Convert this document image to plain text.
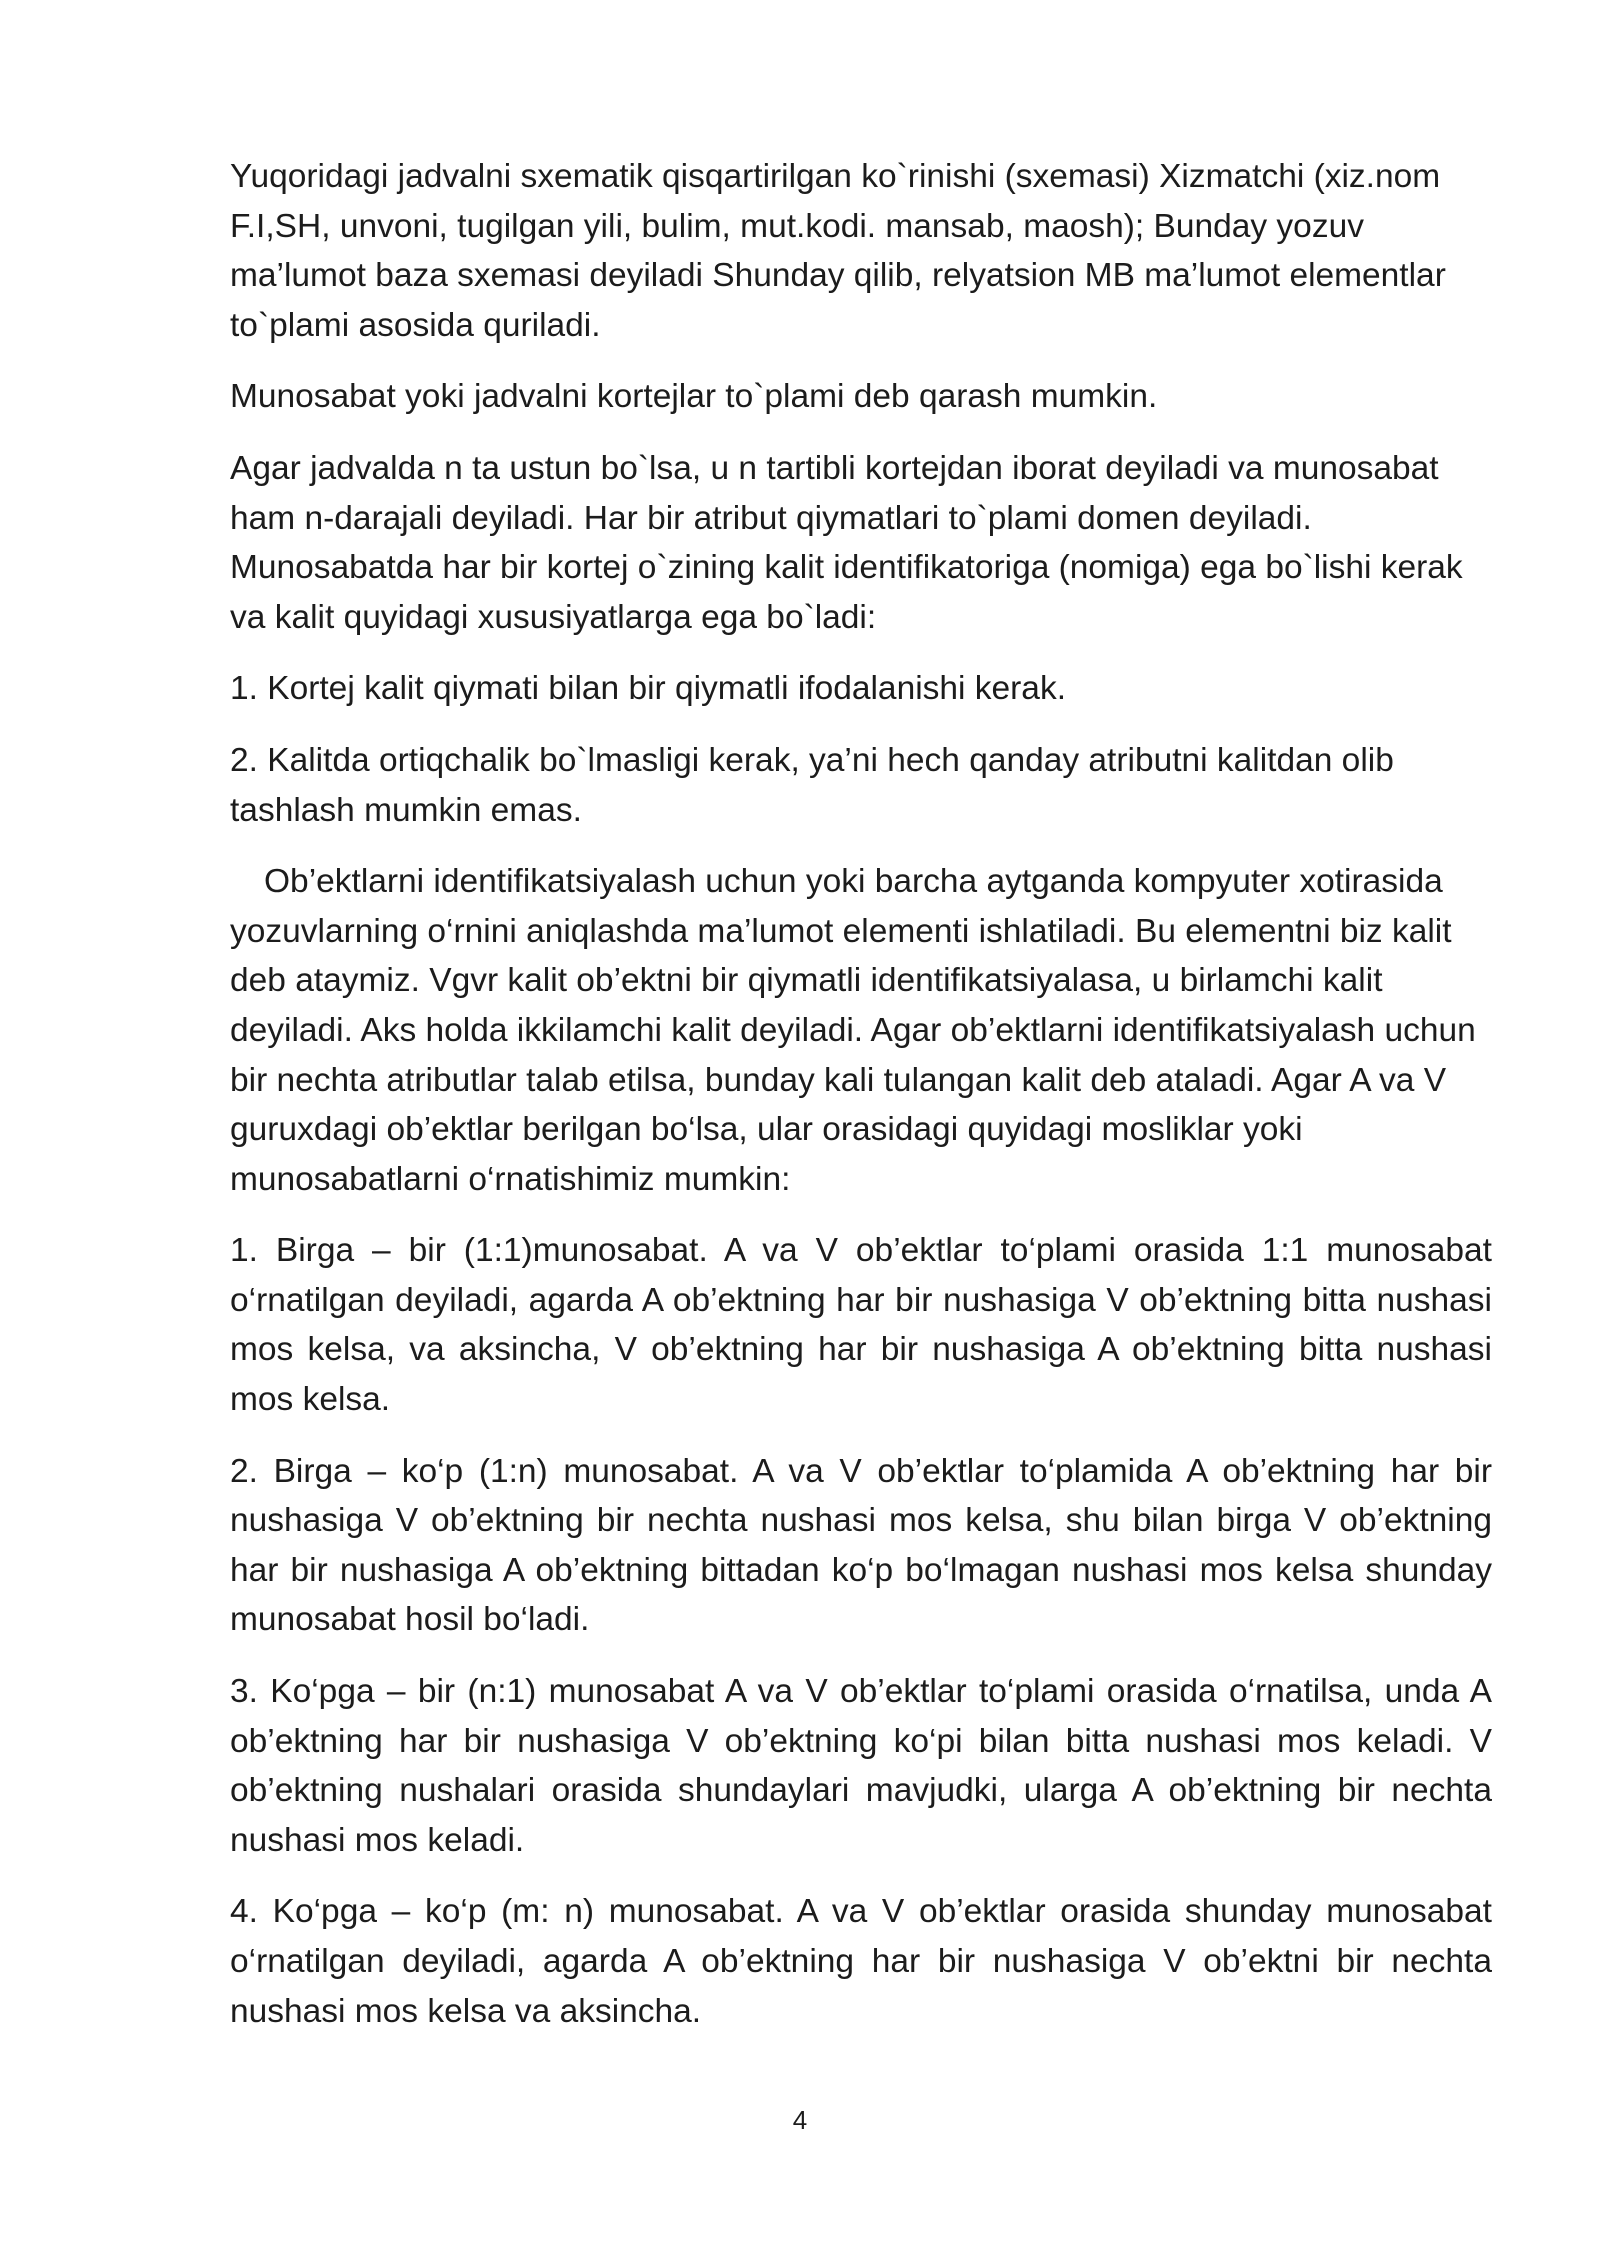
Yuqoridagi jadvalni sxematik qisqartirilgan ko`rinishi (sxemasi) Xizmatchi (xiz.nom F.I,SH, unvoni, tugilgan yili, bulim, mut.kodi. mansab, maosh); Bunday yozuv ma’lumot baza sxemasi deyiladi Shunday qilib, relyatsion MB ma’lumot elementlar to`plami asosida quriladi.

Munosabat yoki jadvalni kortejlar to`plami deb qarash mumkin.

Agar jadvalda n ta ustun bo`lsa, u n tartibli kortejdan iborat deyiladi va munosabat ham n-darajali deyiladi. Har bir atribut qiymatlari to`plami domen deyiladi. Munosabatda har bir kortej o`zining kalit identifikatoriga (nomiga) ega bo`lishi kerak va kalit quyidagi xususiyatlarga ega bo`ladi:

1. Kortej kalit qiymati bilan bir qiymatli ifodalanishi kerak.

2. Kalitda ortiqchalik bo`lmasligi kerak, ya’ni hech qanday atributni kalitdan olib tashlash mumkin emas.

Ob’ektlarni identifikatsiyalash uchun yoki barcha aytganda kompyuter xotirasida yozuvlarning o‘rnini aniqlashda ma’lumot elementi ishlatiladi. Bu elementni biz kalit deb ataymiz. Vgvr kalit ob’ektni bir qiymatli identifikatsiyalasa, u birlamchi kalit deyiladi. Aks holda ikkilamchi kalit deyiladi. Agar ob’ektlarni identifikatsiyalash uchun bir nechta atributlar talab etilsa, bunday kali tulangan kalit deb ataladi. Agar A va V guruxdagi ob’ektlar berilgan bo‘lsa, ular orasidagi quyidagi mosliklar yoki munosabatlarni o‘rnatishimiz mumkin:

1. Birga – bir (1:1)munosabat. A va V ob’ektlar to‘plami orasida 1:1 munosabat o‘rnatilgan deyiladi, agarda A ob’ektning har bir nushasiga V ob’ektning bitta nushasi mos kelsa, va aksincha, V ob’ektning har bir nushasiga A ob’ektning bitta nushasi mos kelsa.

2. Birga – ko‘p (1:n) munosabat. A va V ob’ektlar to‘plamida A ob’ektning har bir nushasiga V ob’ektning bir nechta nushasi mos kelsa, shu bilan birga V ob’ektning har bir nushasiga A ob’ektning bittadan ko‘p bo‘lmagan nushasi mos kelsa shunday munosabat hosil bo‘ladi.

3. Ko‘pga – bir (n:1) munosabat A va V ob’ektlar to‘plami orasida o‘rnatilsa, unda A ob’ektning har bir nushasiga V ob’ektning ko‘pi bilan bitta nushasi mos keladi. V ob’ektning nushalari orasida shundaylari mavjudki, ularga A ob’ektning bir nechta nushasi mos keladi.

4. Ko‘pga – ko‘p (m: n) munosabat. A va V ob’ektlar orasida shunday munosabat o‘rnatilgan deyiladi, agarda A ob’ektning har bir nushasiga V ob’ektni bir nechta nushasi mos kelsa va aksincha.

4
